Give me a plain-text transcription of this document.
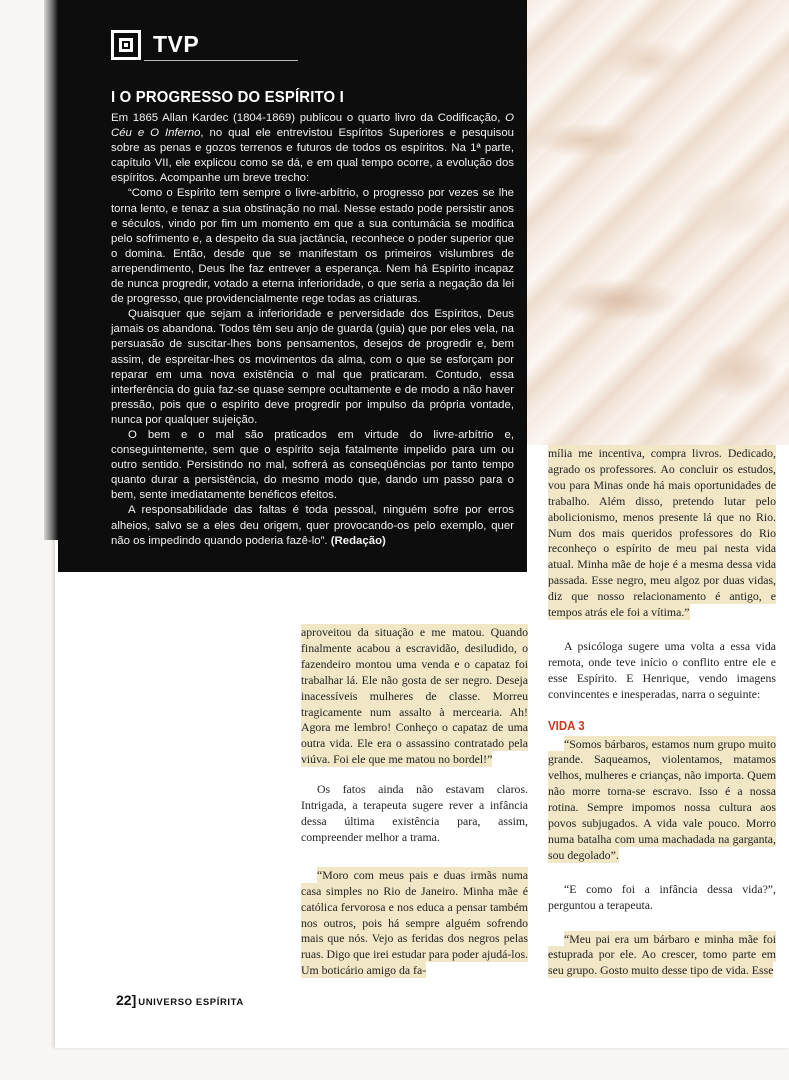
TVP
I O PROGRESSO DO ESPÍRITO I

Em 1865 Allan Kardec (1804-1869) publicou o quarto livro da Codificação, O Céu e O Inferno, no qual ele entrevistou Espíritos Superiores e pesquisou sobre as penas e gozos terrenos e futuros de todos os espíritos. Na 1ª parte, capítulo VII, ele explicou como se dá, e em qual tempo ocorre, a evolução dos espíritos. Acompanhe um breve trecho:

“Como o Espírito tem sempre o livre-arbítrio, o progresso por vezes se lhe torna lento, e tenaz a sua obstinação no mal. Nesse estado pode persistir anos e séculos, vindo por fim um momento em que a sua contumácia se modifica pelo sofrimento e, a despeito da sua jactância, reconhece o poder superior que o domina. Então, desde que se manifestam os primeiros vislumbres de arrependimento, Deus lhe faz entrever a esperança. Nem há Espírito incapaz de nunca progredir, votado a eterna inferioridade, o que seria a negação da lei de progresso, que providencialmente rege todas as criaturas.

Quaisquer que sejam a inferioridade e perversidade dos Espíritos, Deus jamais os abandona. Todos têm seu anjo de guarda (guia) que por eles vela, na persuasão de suscitar-lhes bons pensamentos, desejos de progredir e, bem assim, de espreitar-lhes os movimentos da alma, com o que se esforçam por reparar em uma nova existência o mal que praticaram. Contudo, essa interferência do guia faz-se quase sempre ocultamente e de modo a não haver pressão, pois que o espírito deve progredir por impulso da própria vontade, nunca por qualquer sujeição.

O bem e o mal são praticados em virtude do livre-arbítrio e, conseguintemente, sem que o espírito seja fatalmente impelido para um ou outro sentido. Persistindo no mal, sofrerá as conseqüências por tanto tempo quanto durar a persistência, do mesmo modo que, dando um passo para o bem, sente imediatamente benéficos efeitos.

A responsabilidade das faltas é toda pessoal, ninguém sofre por erros alheios, salvo se a eles deu origem, quer provocando-os pelo exemplo, quer não os impedindo quando poderia fazê-lo”. (Redação)

aproveitou da situação e me matou. Quando finalmente acabou a escravidão, desiludido, o fazendeiro montou uma venda e o capataz foi trabalhar lá. Ele não gosta de ser negro. Deseja inacessíveis mulheres de classe. Morreu tragicamente num assalto à mercearia. Ah! Agora me lembro! Conheço o capataz de uma outra vida. Ele era o assassino contratado pela viúva. Foi ele que me matou no bordel!”

Os fatos ainda não estavam claros. Intrigada, a terapeuta sugere rever a infância dessa última existência para, assim, compreender melhor a trama.

“Moro com meus pais e duas irmãs numa casa simples no Rio de Janeiro. Minha mãe é católica fervorosa e nos educa a pensar também nos outros, pois há sempre alguém sofrendo mais que nós. Vejo as feridas dos negros pelas ruas. Digo que irei estudar para poder ajudá-los. Um boticário amigo da fa-

mília me incentiva, compra livros. Dedicado, agrado os professores. Ao concluir os estudos, vou para Minas onde há mais oportunidades de trabalho. Além disso, pretendo lutar pelo abolicionismo, menos presente lá que no Rio. Num dos mais queridos professores do Rio reconheço o espírito de meu pai nesta vida atual. Minha mãe de hoje é a mesma dessa vida passada. Esse negro, meu algoz por duas vidas, diz que nosso relacionamento é antigo, e tempos atrás ele foi a vítima.”

A psicóloga sugere uma volta a essa vida remota, onde teve início o conflito entre ele e esse Espírito. E Henrique, vendo imagens convincentes e inesperadas, narra o seguinte:

VIDA 3

“Somos bárbaros, estamos num grupo muito grande. Saqueamos, violentamos, matamos velhos, mulheres e crianças, não importa. Quem não morre torna-se escravo. Isso é a nossa rotina. Sempre impomos nossa cultura aos povos subjugados. A vida vale pouco. Morro numa batalha com uma machadada na garganta, sou degolado”.

“E como foi a infância dessa vida?”, perguntou a terapeuta.

“Meu pai era um bárbaro e minha mãe foi estuprada por ele. Ao crescer, tomo parte em seu grupo. Gosto muito desse tipo de vida. Esse

22] UNIVERSO ESPÍRITA
